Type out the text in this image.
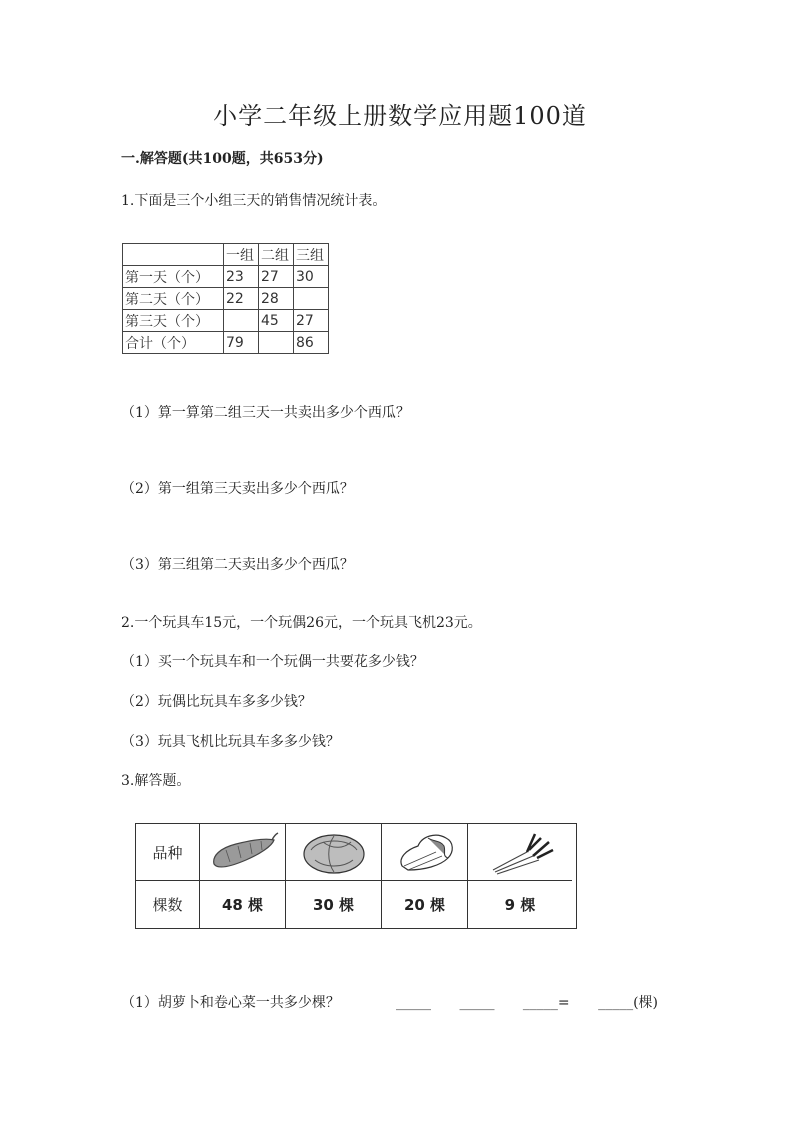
小学二年级上册数学应用题100道
一.解答题(共100题，共653分)
1.下面是三个小组三天的销售情况统计表。
	一组	二组	三组
第一天（个）	23	27	30
第二天（个）	22	28	
第三天（个）		45	27
合计（个）	79		86
（1）算一算第二组三天一共卖出多少个西瓜？
（2）第一组第三天卖出多少个西瓜？
（3）第三组第二天卖出多少个西瓜？
2.一个玩具车15元，一个玩偶26元，一个玩具飞机23元。
（1）买一个玩具车和一个玩偶一共要花多少钱？
（2）玩偶比玩具车多多少钱？
（3）玩具飞机比玩具车多多少钱？
3.解答题。
品种
棵数	48 棵	30 棵	20 棵	9 棵
（1）胡萝卜和卷心菜一共多少棵？	_____ _____ _____= _____(棵)
